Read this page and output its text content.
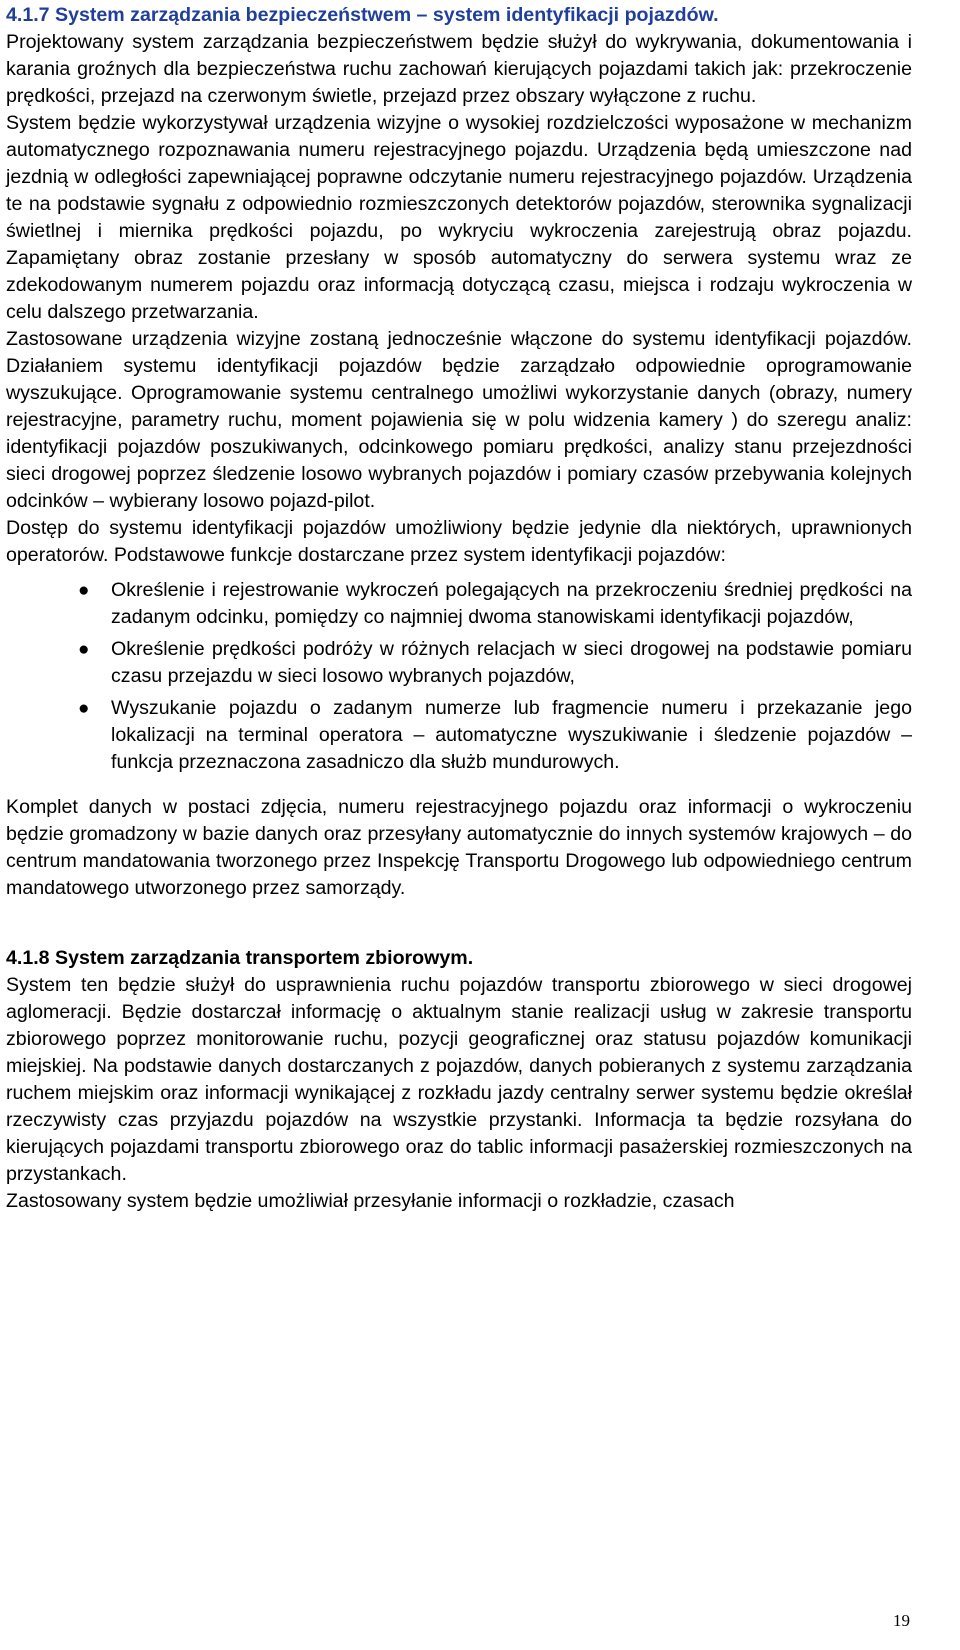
4.1.7 System zarządzania bezpieczeństwem – system identyfikacji pojazdów.

Projektowany system zarządzania bezpieczeństwem będzie służył do wykrywania, dokumentowania i karania groźnych dla bezpieczeństwa ruchu zachowań kierujących pojazdami takich jak: przekroczenie prędkości, przejazd na czerwonym świetle, przejazd przez obszary wyłączone z ruchu.

System będzie wykorzystywał urządzenia wizyjne o wysokiej rozdzielczości wyposażone w mechanizm automatycznego rozpoznawania numeru rejestracyjnego pojazdu. Urządzenia będą umieszczone nad jezdnią w odległości zapewniającej poprawne odczytanie numeru rejestracyjnego pojazdów. Urządzenia te na podstawie sygnału z odpowiednio rozmieszczonych detektorów pojazdów, sterownika sygnalizacji świetlnej i miernika prędkości pojazdu, po wykryciu wykroczenia zarejestrują obraz pojazdu. Zapamiętany obraz zostanie przesłany w sposób automatyczny do serwera systemu wraz ze zdekodowanym numerem pojazdu oraz informacją dotyczącą czasu, miejsca i rodzaju wykroczenia w celu dalszego przetwarzania.

Zastosowane urządzenia wizyjne zostaną jednocześnie włączone do systemu identyfikacji pojazdów. Działaniem systemu identyfikacji pojazdów będzie zarządzało odpowiednie oprogramowanie wyszukujące. Oprogramowanie systemu centralnego umożliwi wykorzystanie danych (obrazy, numery rejestracyjne, parametry ruchu, moment pojawienia się w polu widzenia kamery ) do szeregu analiz: identyfikacji pojazdów poszukiwanych, odcinkowego pomiaru prędkości, analizy stanu przejezdności sieci drogowej poprzez śledzenie losowo wybranych pojazdów i pomiary czasów przebywania kolejnych odcinków – wybierany losowo pojazd-pilot.

Dostęp do systemu identyfikacji pojazdów umożliwiony będzie jedynie dla niektórych, uprawnionych operatorów. Podstawowe funkcje dostarczane przez system identyfikacji pojazdów:

● Określenie i rejestrowanie wykroczeń polegających na przekroczeniu średniej prędkości na zadanym odcinku, pomiędzy co najmniej dwoma stanowiskami identyfikacji pojazdów,
● Określenie prędkości podróży w różnych relacjach w sieci drogowej na podstawie pomiaru czasu przejazdu w sieci losowo wybranych pojazdów,
● Wyszukanie pojazdu o zadanym numerze lub fragmencie numeru i przekazanie jego lokalizacji na terminal operatora – automatyczne wyszukiwanie i śledzenie pojazdów – funkcja przeznaczona zasadniczo dla służb mundurowych.

Komplet danych w postaci zdjęcia, numeru rejestracyjnego pojazdu oraz informacji o wykroczeniu będzie gromadzony w bazie danych oraz przesyłany automatycznie do innych systemów krajowych – do centrum mandatowania tworzonego przez Inspekcję Transportu Drogowego lub odpowiedniego centrum mandatowego utworzonego przez samorządy.

4.1.8 System zarządzania transportem zbiorowym.

System ten będzie służył do usprawnienia ruchu pojazdów transportu zbiorowego w sieci drogowej aglomeracji. Będzie dostarczał informację o aktualnym stanie realizacji usług w zakresie transportu zbiorowego poprzez monitorowanie ruchu, pozycji geograficznej oraz statusu pojazdów komunikacji miejskiej. Na podstawie danych dostarczanych z pojazdów, danych pobieranych z systemu zarządzania ruchem miejskim oraz informacji wynikającej z rozkładu jazdy centralny serwer systemu będzie określał rzeczywisty czas przyjazdu pojazdów na wszystkie przystanki. Informacja ta będzie rozsyłana do kierujących pojazdami transportu zbiorowego oraz do tablic informacji pasażerskiej rozmieszczonych na przystankach.

Zastosowany system będzie umożliwiał przesyłanie informacji o rozkładzie, czasach

19
